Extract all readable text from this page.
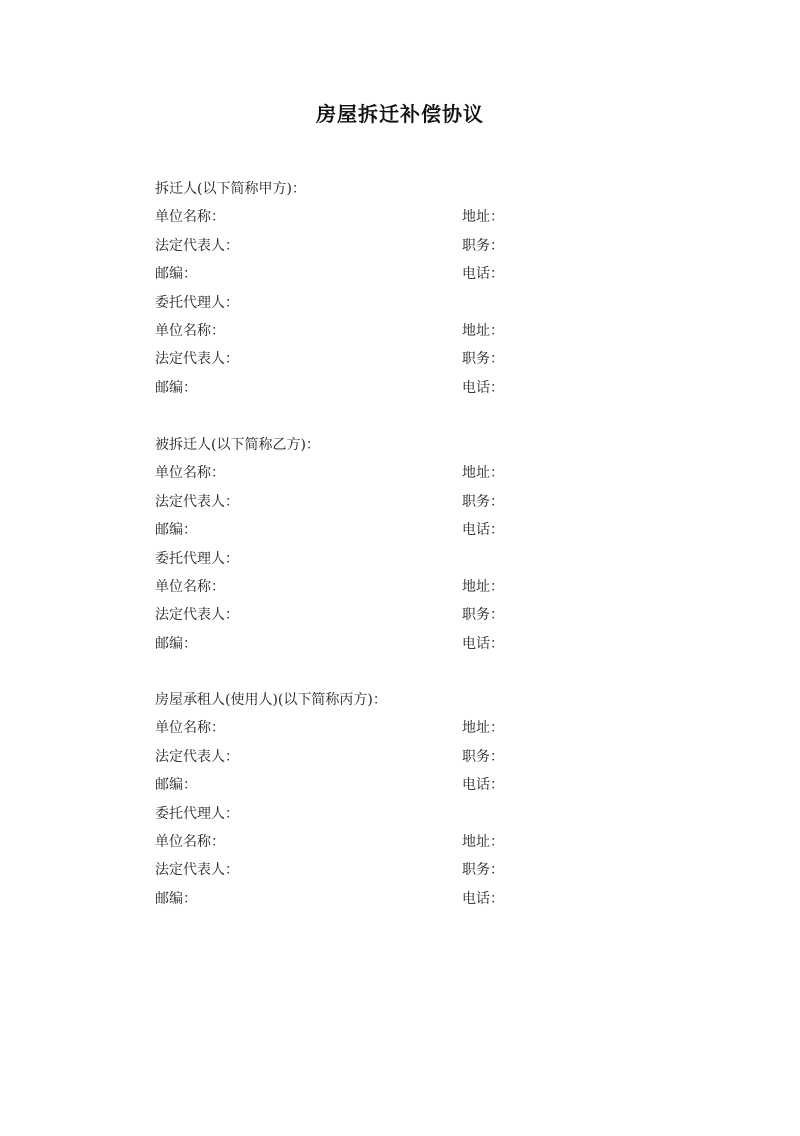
房屋拆迁补偿协议
拆迁人(以下简称甲方)：
单位名称：	地址：
法定代表人：	职务：
邮编：	电话：
委托代理人：
单位名称：	地址：
法定代表人：	职务：
邮编：	电话：
被拆迁人(以下简称乙方)：
单位名称：	地址：
法定代表人：	职务：
邮编：	电话：
委托代理人：
单位名称：	地址：
法定代表人：	职务：
邮编：	电话：
房屋承租人(使用人)(以下简称丙方)：
单位名称：	地址：
法定代表人：	职务：
邮编：	电话：
委托代理人：
单位名称：	地址：
法定代表人：	职务：
邮编：	电话：
